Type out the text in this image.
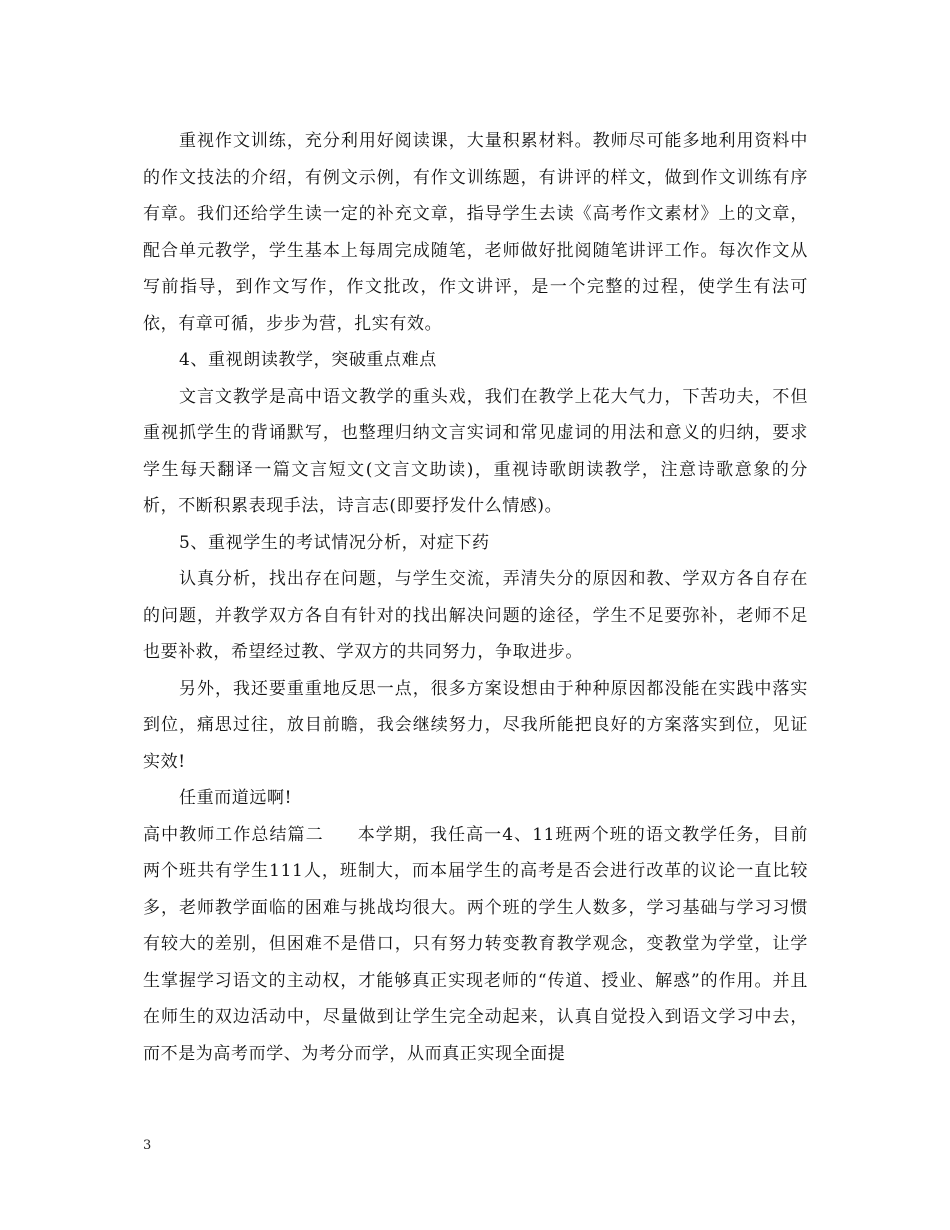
重视作文训练，充分利用好阅读课，大量积累材料。教师尽可能多地利用资料中的作文技法的介绍，有例文示例，有作文训练题，有讲评的样文，做到作文训练有序有章。我们还给学生读一定的补充文章，指导学生去读《高考作文素材》上的文章，配合单元教学，学生基本上每周完成随笔，老师做好批阅随笔讲评工作。每次作文从写前指导，到作文写作，作文批改，作文讲评，是一个完整的过程，使学生有法可依，有章可循，步步为营，扎实有效。

4、重视朗读教学，突破重点难点

文言文教学是高中语文教学的重头戏，我们在教学上花大气力，下苦功夫，不但重视抓学生的背诵默写，也整理归纳文言实词和常见虚词的用法和意义的归纳，要求学生每天翻译一篇文言短文(文言文助读)，重视诗歌朗读教学，注意诗歌意象的分析，不断积累表现手法，诗言志(即要抒发什么情感)。

5、重视学生的考试情况分析，对症下药

认真分析，找出存在问题，与学生交流，弄清失分的原因和教、学双方各自存在的问题，并教学双方各自有针对的找出解决问题的途径，学生不足要弥补，老师不足也要补救，希望经过教、学双方的共同努力，争取进步。

另外，我还要重重地反思一点，很多方案设想由于种种原因都没能在实践中落实到位，痛思过往，放目前瞻，我会继续努力，尽我所能把良好的方案落实到位，见证实效!

任重而道远啊!

高中教师工作总结篇二 本学期，我任高一4、11班两个班的语文教学任务，目前两个班共有学生111人，班制大，而本届学生的高考是否会进行改革的议论一直比较多，老师教学面临的困难与挑战均很大。两个班的学生人数多，学习基础与学习习惯有较大的差别，但困难不是借口，只有努力转变教育教学观念，变教堂为学堂，让学生掌握学习语文的主动权，才能够真正实现老师的“传道、授业、解惑”的作用。并且在师生的双边活动中，尽量做到让学生完全动起来，认真自觉投入到语文学习中去，而不是为高考而学、为考分而学，从而真正实现全面提

3
